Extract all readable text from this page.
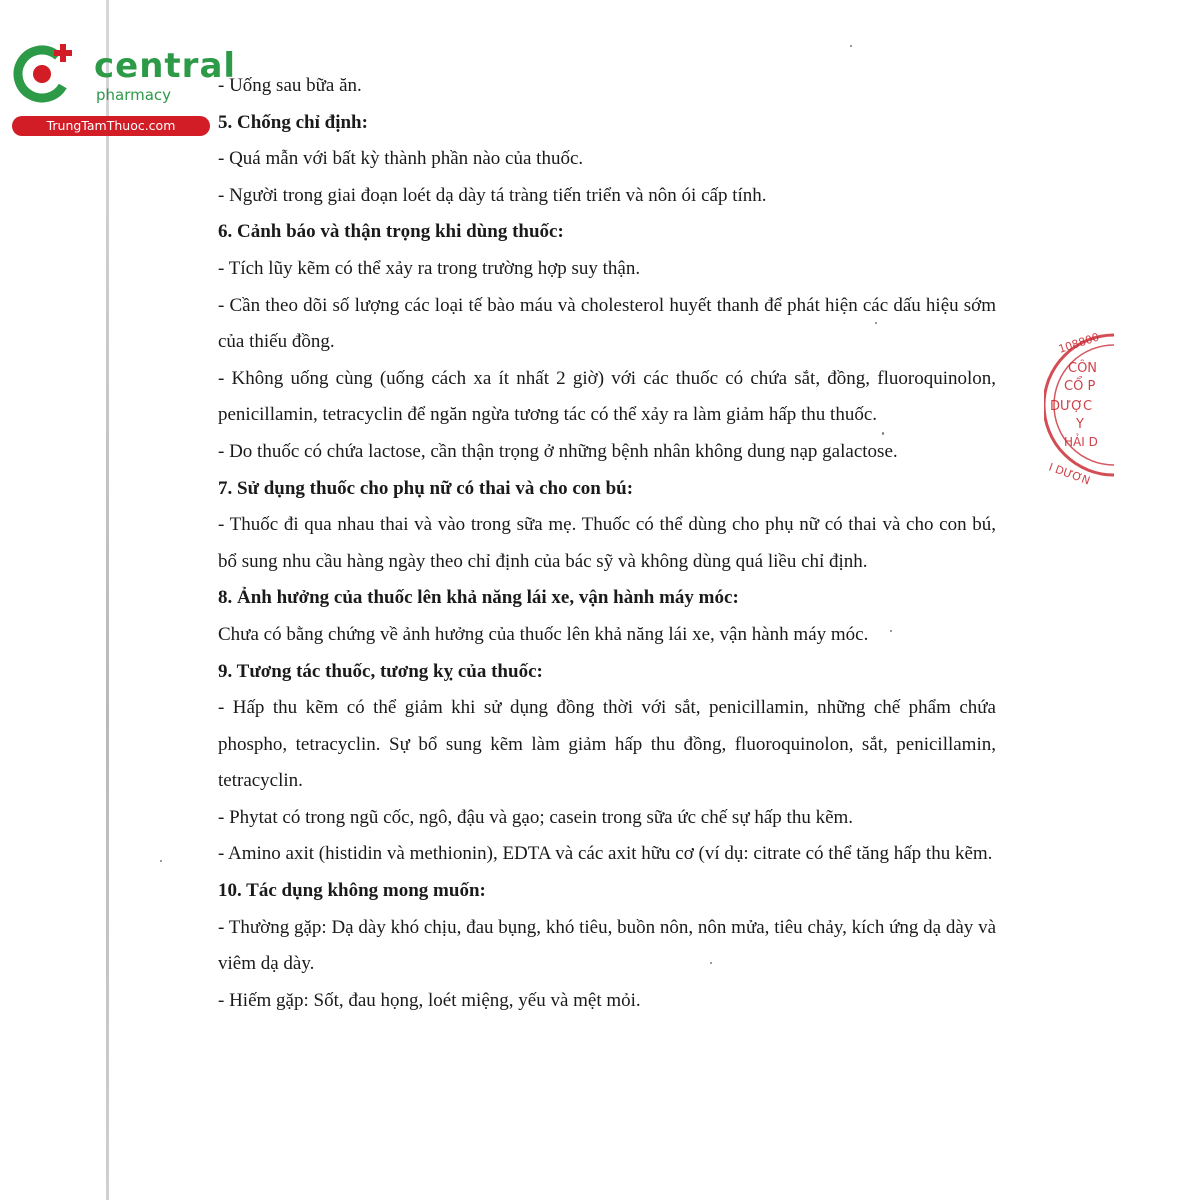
central
pharmacy
TrungTamThuoc.com

- Uống sau bữa ăn.

5. Chống chỉ định:

- Quá mẫn với bất kỳ thành phần nào của thuốc.

- Người trong giai đoạn loét dạ dày tá tràng tiến triển và nôn ói cấp tính.

6. Cảnh báo và thận trọng khi dùng thuốc:

- Tích lũy kẽm có thể xảy ra trong trường hợp suy thận.

- Cần theo dõi số lượng các loại tế bào máu và cholesterol huyết thanh để phát hiện các dấu hiệu sớm của thiếu đồng.

- Không uống cùng (uống cách xa ít nhất 2 giờ) với các thuốc có chứa sắt, đồng, fluoroquinolon, penicillamin, tetracyclin để ngăn ngừa tương tác có thể xảy ra làm giảm hấp thu thuốc.

- Do thuốc có chứa lactose, cần thận trọng ở những bệnh nhân không dung nạp galactose.

7. Sử dụng thuốc cho phụ nữ có thai và cho con bú:

- Thuốc đi qua nhau thai và vào trong sữa mẹ. Thuốc có thể dùng cho phụ nữ có thai và cho con bú, bổ sung nhu cầu hàng ngày theo chỉ định của bác sỹ và không dùng quá liều chỉ định.

8. Ảnh hưởng của thuốc lên khả năng lái xe, vận hành máy móc:

Chưa có bằng chứng về ảnh hưởng của thuốc lên khả năng lái xe, vận hành máy móc.

9. Tương tác thuốc, tương kỵ của thuốc:

- Hấp thu kẽm có thể giảm khi sử dụng đồng thời với sắt, penicillamin, những chế phẩm chứa phospho, tetracyclin. Sự bổ sung kẽm làm giảm hấp thu đồng, fluoroquinolon, sắt, penicillamin, tetracyclin.

- Phytat có trong ngũ cốc, ngô, đậu và gạo; casein trong sữa ức chế sự hấp thu kẽm.

- Amino axit (histidin và methionin), EDTA và các axit hữu cơ (ví dụ: citrate có thể tăng hấp thu kẽm.

10. Tác dụng không mong muốn:

- Thường gặp: Dạ dày khó chịu, đau bụng, khó tiêu, buồn nôn, nôn mửa, tiêu chảy, kích ứng dạ dày và viêm dạ dày.

- Hiếm gặp: Sốt, đau họng, loét miệng, yếu và mệt mỏi.

108800
CÔN
CỔ P
DƯỢC
Y
HẢI D
I DƯƠN
